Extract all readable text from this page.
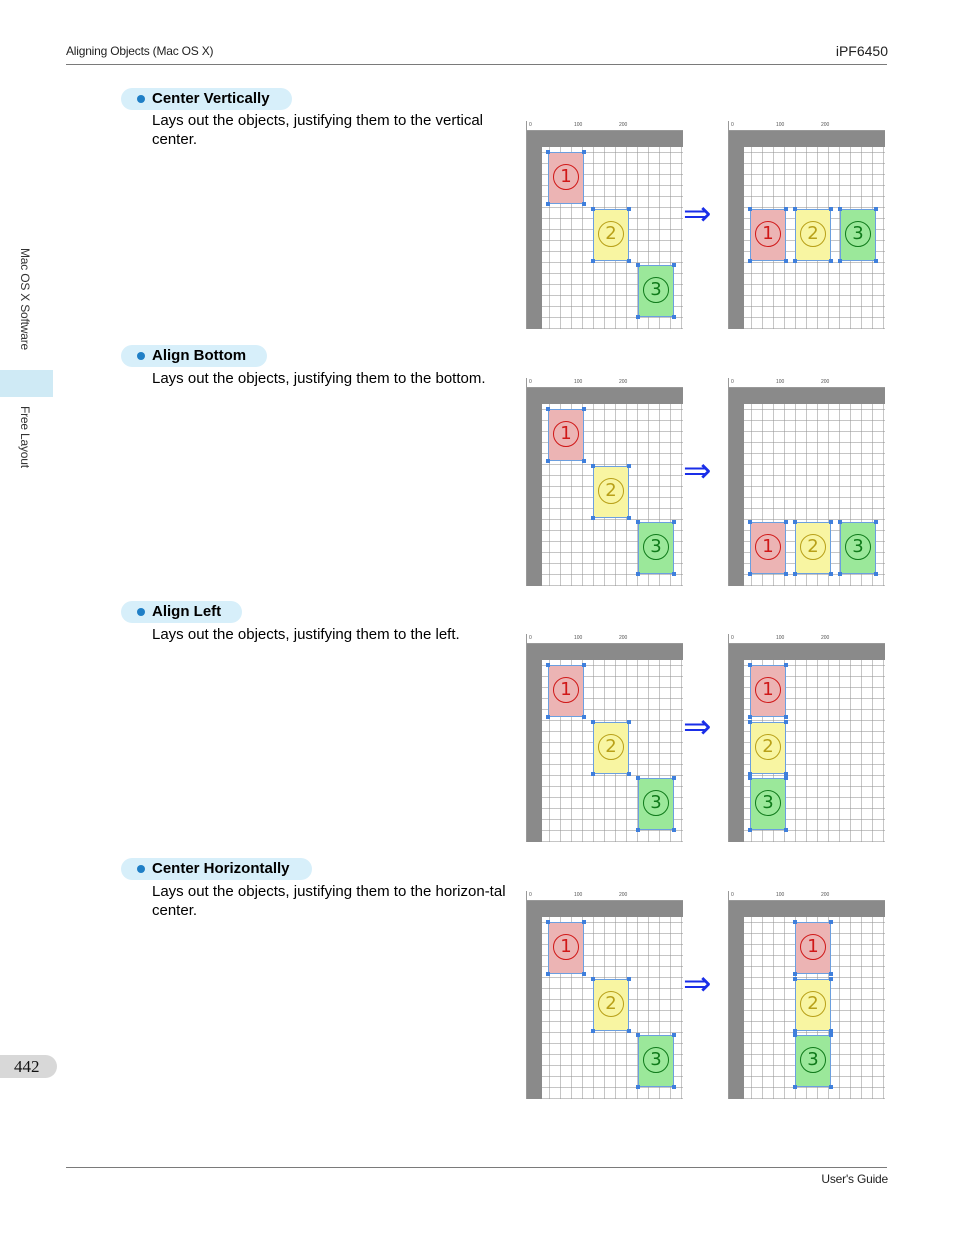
Aligning Objects (Mac OS X)	iPF6450
Mac OS X Software
Free Layout
442
Center Vertically
Lays out the objects, justifying them to the vertical center.
Align Bottom
Lays out the objects, justifying them to the bottom.
Align Left
Lays out the objects, justifying them to the left.
Center Horizontally
Lays out the objects, justifying them to the horizon-tal center.
0	100	200
1
2
3
0	100	200
1	2	3
⇒
0	100	200
1
2
3
0	100	200
1	2	3
⇒
0	100	200
1
2
3
0	100	200
1
2
3
⇒
0	100	200
1
2
3
0	100	200
1
2
3
⇒
User's Guide
